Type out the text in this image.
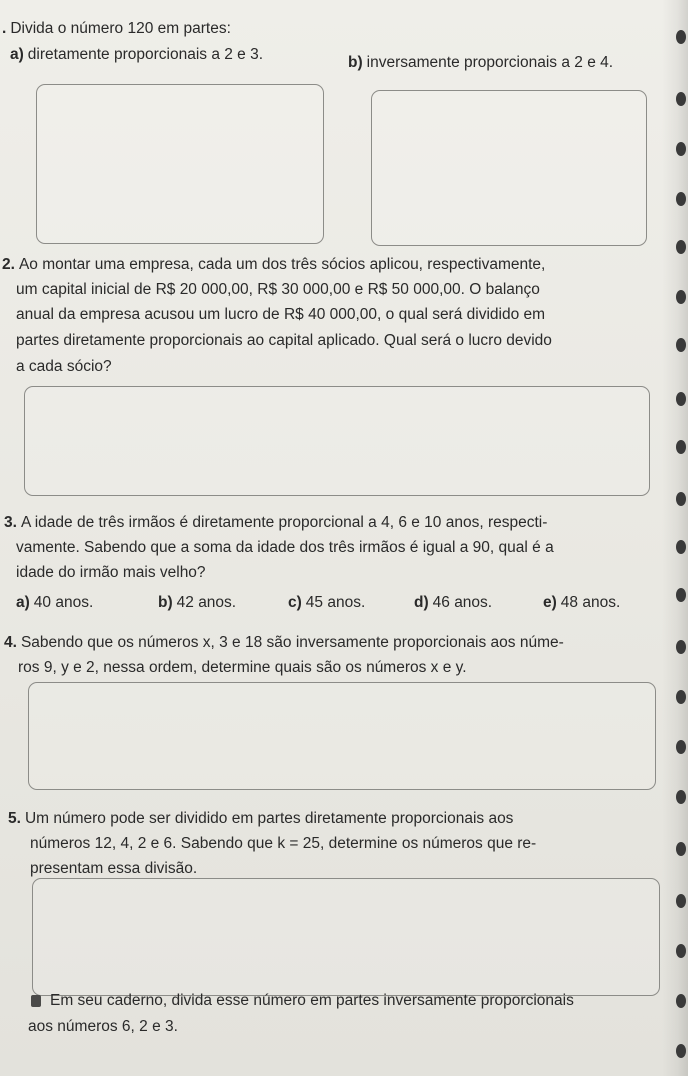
. Divida o número 120 em partes:
a) diretamente proporcionais a 2 e 3.	b) inversamente proporcionais a 2 e 4.
2. Ao montar uma empresa, cada um dos três sócios aplicou, respectivamente,
um capital inicial de R$ 20 000,00, R$ 30 000,00 e R$ 50 000,00. O balanço
anual da empresa acusou um lucro de R$ 40 000,00, o qual será dividido em
partes diretamente proporcionais ao capital aplicado. Qual será o lucro devido
a cada sócio?
3. A idade de três irmãos é diretamente proporcional a 4, 6 e 10 anos, respecti-
vamente. Sabendo que a soma da idade dos três irmãos é igual a 90, qual é a
idade do irmão mais velho?
a) 40 anos.	b) 42 anos.	c) 45 anos.	d) 46 anos.	e) 48 anos.
4. Sabendo que os números x, 3 e 18 são inversamente proporcionais aos núme-
ros 9, y e 2, nessa ordem, determine quais são os números x e y.
5. Um número pode ser dividido em partes diretamente proporcionais aos
números 12, 4, 2 e 6. Sabendo que k = 25, determine os números que re-
presentam essa divisão.
Em seu caderno, divida esse número em partes inversamente proporcionais
aos números 6, 2 e 3.
